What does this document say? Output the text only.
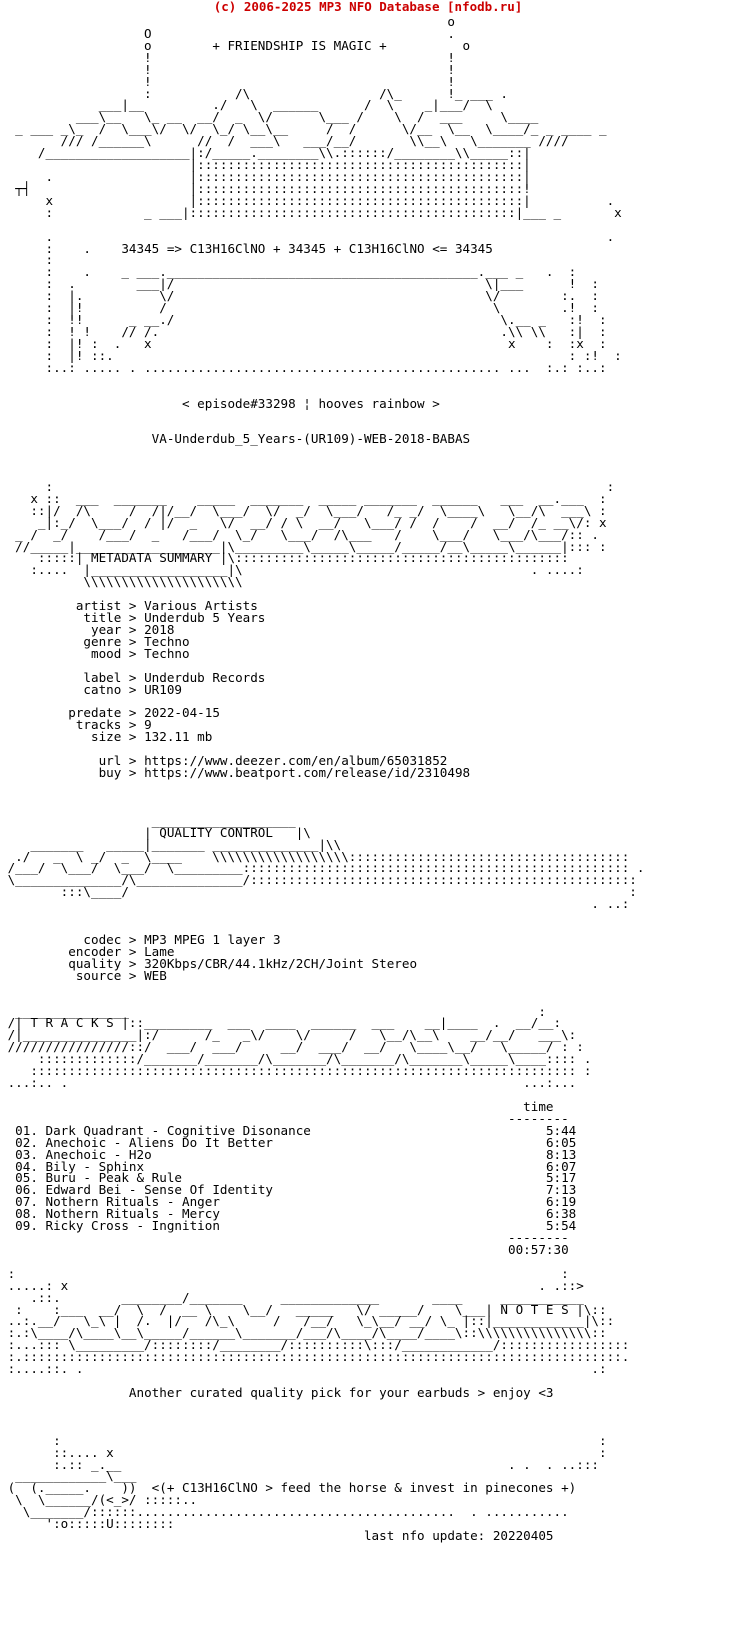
(c) 2006-2025 MP3 NFO Database [nfodb.ru]
o
O                                       .
o	+ FRIENDSHIP IS MAGIC +	o
!                                       !
!                                       !
!                                       !
:           /\                 /\_      !_ ___ .
___|__         ./   \  ______      /  \    _|___/  \
___\__   \_ __  __/  _  \/      \___ /    \  /  ___     \____
_ ___ _\_  /  \___\/  \/  \_/ \__\__     /  /      \/__  \__  \____/_ _ ____ _
/// /______\      //  /  ___\   ___/__/       \\__\   \_______ ////
/___________________|:/_____.________\\.::::::/________\\_____::|
|:::::::::::::::::::::::::::::::::::::::::::|
.                  |:::::::::::::::::::::::::::::::::::::::::::|
┬┤                     |:::::::::::::::::::::::::::::::::::::::::::!
x                  |:::::::::::::::::::::::::::::::::::::::::::|          .
:            _ ___|:::::::::::::::::::::::::::::::::::::::::::|___ _       x

.                                                                         .
:    .    34345 => C13H16ClNO + 34345 + C13H16ClNO <= 34345
:
:    .    _ ___._________________________________________.___ _   .  :
:  .        ___|/                                         \|___      !  :
:  |.          \/                                         \/        :.  :
:  |!          /                                           \        .!  :
:  !!      _ __./                                           \.__ _   :!  :
:  ! !    // /.                                             .\\ \\   :|  :
:  |! :  .   x                                               x    :  :x  :
:  |! ::.                                                            : :!  :
:..: ..... . ............................................... ...  :.: :..:

< episode#33298 ¦ hooves rainbow >

VA-Underdub_5_Years-(UR109)-WEB-2018-BABAS

:                                                                         :
x ::  ___  _______    _____  _______  _____ _______  ______   ___  __.___  :
::|/  /\     /  /|/__/  \___/  \/  _/  \___/   /_ _/  \____\   \__/\  ___\ :
_|:_/  \___/  / |/  _   \/  __/ / \  __/   \___/ /  /    /  __/  /_ __\/: x
_ /  _/    /___/  _   /___/  \_/   \___/  /\___   /    \___/   \___/\___/:: .
//_____|___________________|\_________\_____\_____/_____/__\_____\______|::: :
:::::| METADATA SUMMARY |\::::::::::::::::::::::::::::::::::::::::::::
:....  |__________________|\                                      . ....:
\\\\\\\\\\\\\\\\\\\\\

artist > Various Artists
title > Underdub 5 Years
year > 2018
genre > Techno
mood > Techno

label > Underdub Records
catno > UR109

predate > 2022-04-15
tracks > 9
size > 132.11 mb

url > https://www.deezer.com/en/album/65031852
buy > https://www.beatport.com/release/id/2310498

___________________
| QUALITY CONTROL   |\
_______   _____|_______ ______________|\\
./   _  \ _/  _  \____    \\\\\\\\\\\\\\\\\\:::::::::::::::::::::::::::::::::::::
/___/  \___/  \___/  \_________::::::::::::::::::::::::::::::::::::::::::::::::::: .
\______________/\______________/:::::::::::::::::::::::::::::::::::::::::::::::::::
:::\____/                                                                  :
. ..:

codec > MP3 MPEG 1 layer 3
encoder > Lame
quality > 320Kbps/CBR/44.1kHz/2CH/Joint Stereo
source > WEB

_______________                                                      :
/| T R A C K S |::_________  ___  ____  ______  ___    __|____  .  __/__:
/|_______________|:/      /_   _\/    \/     /   \__/\__\    __/__/   ___\:
////////////////::/  ___/  ___/     __/  ___/  __/   \____\__/   \_____/ : :
:::::::::::::/_______/_______/\_______/\_______/\_______\_____\____:::: .
:::::::::::::::::::::::::::::::::::::::::::::::::::::::::::::::::::::::: :
...:.. .                                                            ...:...

time
--------
01. Dark Quadrant - Cognitive Disonance	5:44
02. Anechoic - Aliens Do It Better	6:05
03. Anechoic - H2o	8:13
04. Bily - Sphinx	6:07
05. Buru - Peak & Rule	5:17
06. Edward Bei - Sense Of Identity	7:13
07. Nothern Rituals - Anger	6:19
08. Nothern Rituals - Mercy	6:38
09. Ricky Cross - Ingnition	5:54
--------
00:57:30

:                                                                        :
.....: x                                                              . .::>
.::.        ________/_______     _____________       ____     ___________
:    :___  __/  \  /  __ \    \__/   _____   \/ _____/    \___| N O T E S |\::
..:.__/   \_\ |  /.  |/   /\_\     /   /__/   \_\__/ __/ \_ |::|____________|\::
:.:\____/\____\__\_____/______\_______/___/\____/\____/____\::\\\\\\\\\\\\\\\::
:...::: \_________/::::::::/________/::::::::::\:::/____________/:::::::::::::::::
:.:::::::::::::::::::::::::::::::::::::::::::::::::::::::::::::::::::::::::::::::.
:....::. .                                                                   .:

Another curated quality pick for your earbuds > enjoy <3

:                                                                       :
::.... x                                                                :
:.:: _.__                                                   . .  . ..:::
____________\___
(  (._____.    ))  <(+ C13H16ClNO > feed the horse & invest in pinecones +)
\  \______/(<_>/ :::::..
\_______/::::::..........................................  . ...........
':o:::::U::::::::
last nfo update: 20220405
